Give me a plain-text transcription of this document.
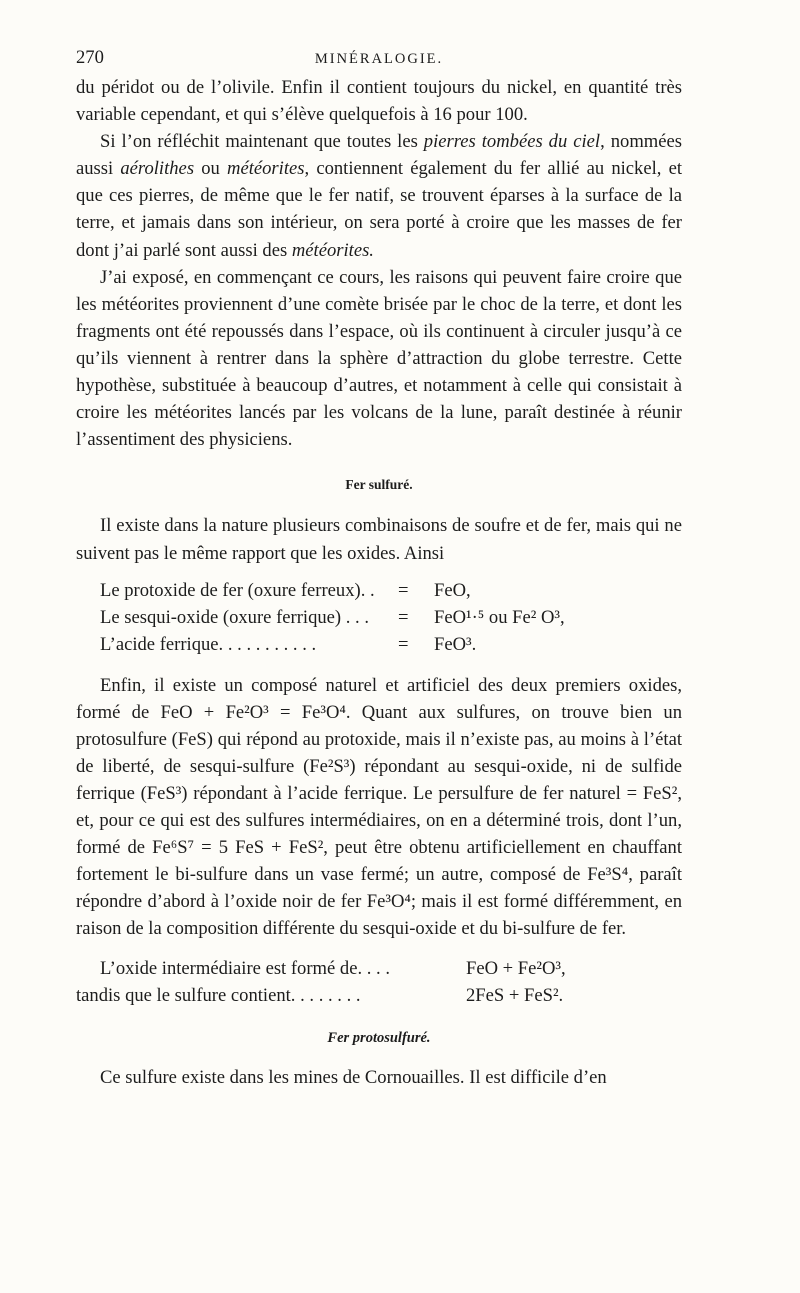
270	MINÉRALOGIE.

du péridot ou de l’olivile. Enfin il contient toujours du nickel, en quantité très variable cependant, et qui s’élève quelquefois à 16 pour 100.

Si l’on réfléchit maintenant que toutes les pierres tombées du ciel, nommées aussi aérolithes ou météorites, contiennent également du fer allié au nickel, et que ces pierres, de même que le fer natif, se trouvent éparses à la surface de la terre, et jamais dans son intérieur, on sera porté à croire que les masses de fer dont j’ai parlé sont aussi des météorites.

J’ai exposé, en commençant ce cours, les raisons qui peuvent faire croire que les météorites proviennent d’une comète brisée par le choc de la terre, et dont les fragments ont été repoussés dans l’espace, où ils continuent à circuler jusqu’à ce qu’ils viennent à rentrer dans la sphère d’attraction du globe terrestre. Cette hypothèse, substituée à beaucoup d’autres, et notamment à celle qui consistait à croire les météorites lancés par les volcans de la lune, paraît destinée à réunir l’assentiment des physiciens.

Fer sulfuré.

Il existe dans la nature plusieurs combinaisons de soufre et de fer, mais qui ne suivent pas le même rapport que les oxides. Ainsi

Le protoxide de fer (oxure ferreux). .	=	FeO,
Le sesqui-oxide (oxure ferrique) . . .	=	FeO¹·⁵ ou Fe² O³,
L’acide ferrique. . . . . . . . . . .	=	FeO³.

Enfin, il existe un composé naturel et artificiel des deux premiers oxides, formé de FeO + Fe²O³ = Fe³O⁴. Quant aux sulfures, on trouve bien un protosulfure (FeS) qui répond au protoxide, mais il n’existe pas, au moins à l’état de liberté, de sesqui-sulfure (Fe²S³) répondant au sesqui-oxide, ni de sulfide ferrique (FeS³) répondant à l’acide ferrique. Le persulfure de fer naturel = FeS², et, pour ce qui est des sulfures intermédiaires, on en a déterminé trois, dont l’un, formé de Fe⁶S⁷ = 5 FeS + FeS², peut être obtenu artificiellement en chauffant fortement le bi-sulfure dans un vase fermé; un autre, composé de Fe³S⁴, paraît répondre d’abord à l’oxide noir de fer Fe³O⁴; mais il est formé différemment, en raison de la composition différente du sesqui-oxide et du bi-sulfure de fer.

L’oxide intermédiaire est formé de. . . .	FeO + Fe²O³,
tandis que le sulfure contient. . . . . . . .	2FeS + FeS².
Fer protosulfuré.

Ce sulfure existe dans les mines de Cornouailles. Il est difficile d’en
